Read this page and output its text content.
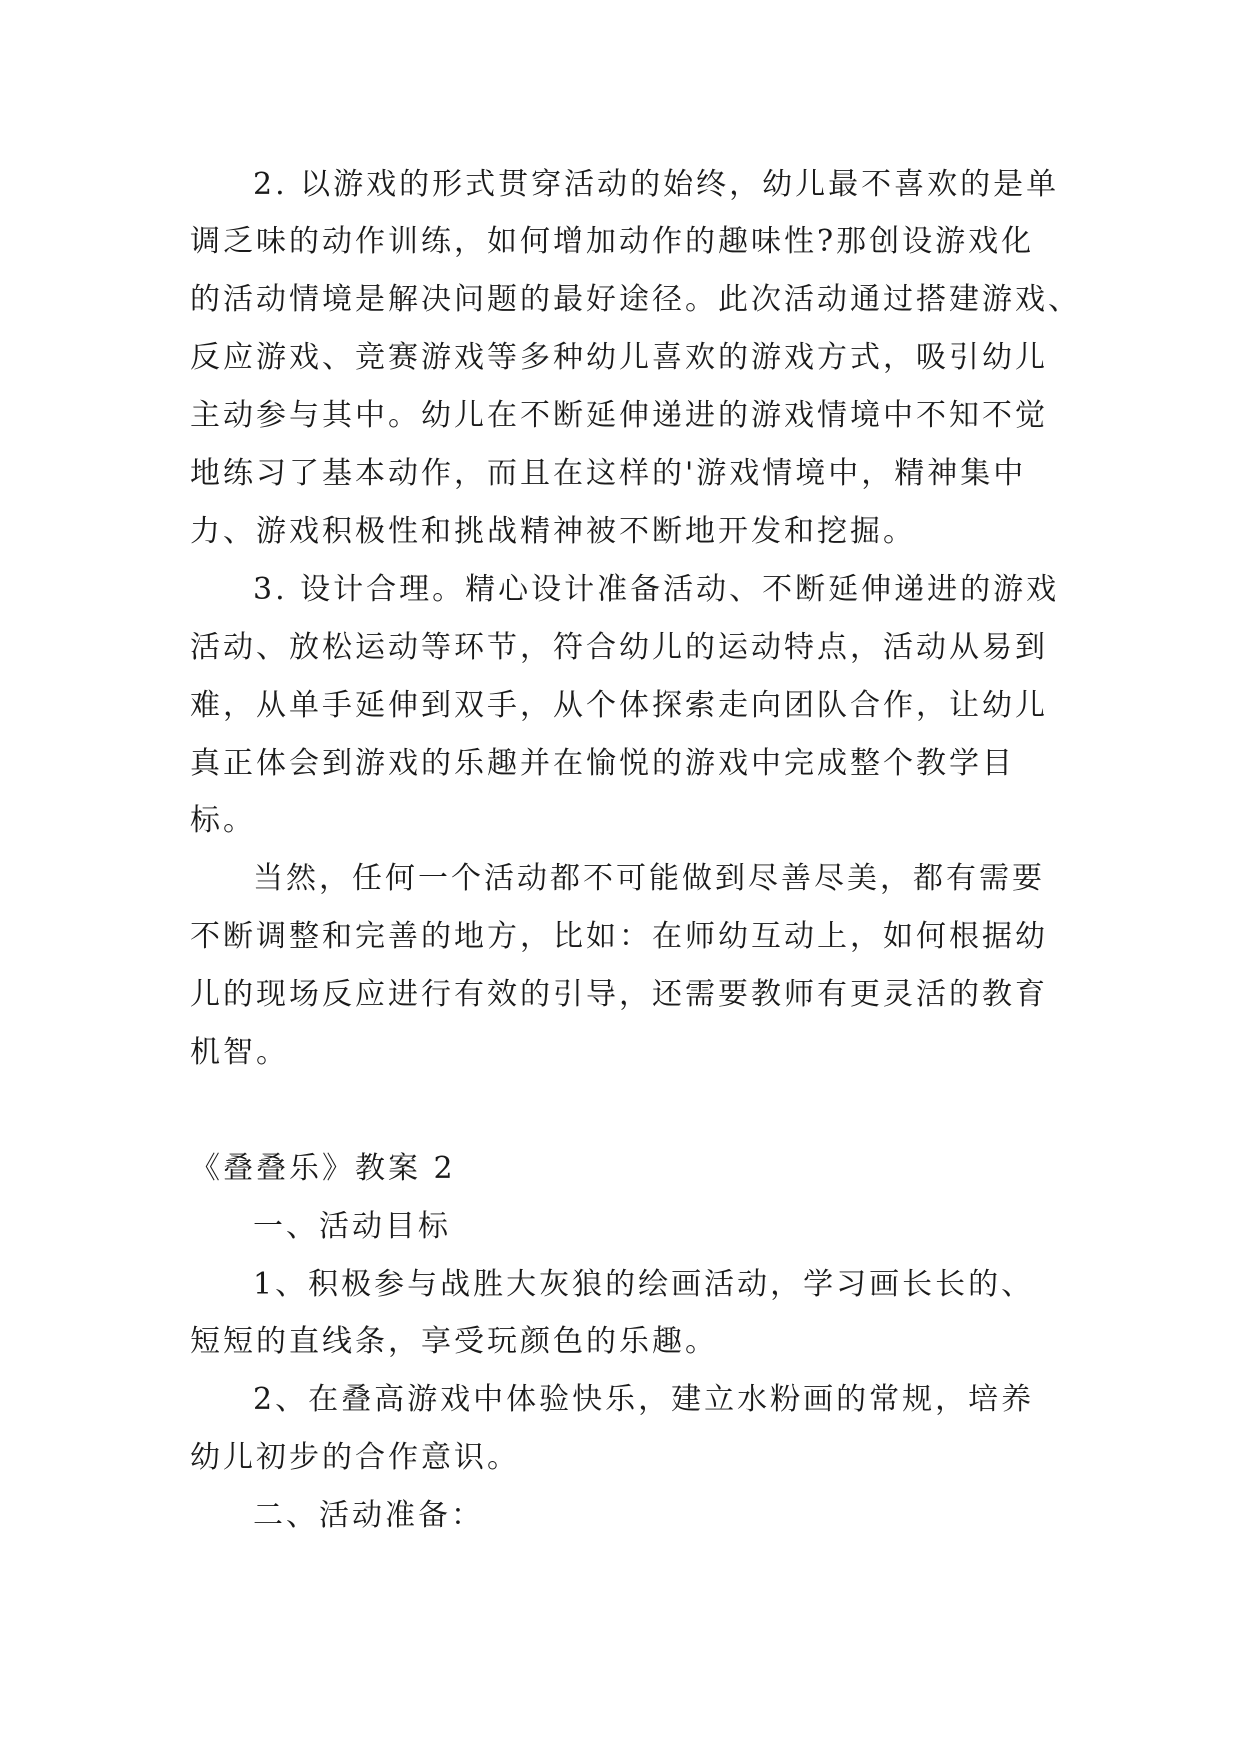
2. 以游戏的形式贯穿活动的始终，幼儿最不喜欢的是单
调乏味的动作训练，如何增加动作的趣味性?那创设游戏化
的活动情境是解决问题的最好途径。此次活动通过搭建游戏、
反应游戏、竞赛游戏等多种幼儿喜欢的游戏方式，吸引幼儿
主动参与其中。幼儿在不断延伸递进的游戏情境中不知不觉
地练习了基本动作，而且在这样的'游戏情境中，精神集中
力、游戏积极性和挑战精神被不断地开发和挖掘。
3. 设计合理。精心设计准备活动、不断延伸递进的游戏
活动、放松运动等环节，符合幼儿的运动特点，活动从易到
难，从单手延伸到双手，从个体探索走向团队合作，让幼儿
真正体会到游戏的乐趣并在愉悦的游戏中完成整个教学目
标。
当然，任何一个活动都不可能做到尽善尽美，都有需要
不断调整和完善的地方，比如：在师幼互动上，如何根据幼
儿的现场反应进行有效的引导，还需要教师有更灵活的教育
机智。
《叠叠乐》教案 2
一、活动目标
1、积极参与战胜大灰狼的绘画活动，学习画长长的、
短短的直线条，享受玩颜色的乐趣。
2、在叠高游戏中体验快乐，建立水粉画的常规，培养
幼儿初步的合作意识。
二、活动准备：
